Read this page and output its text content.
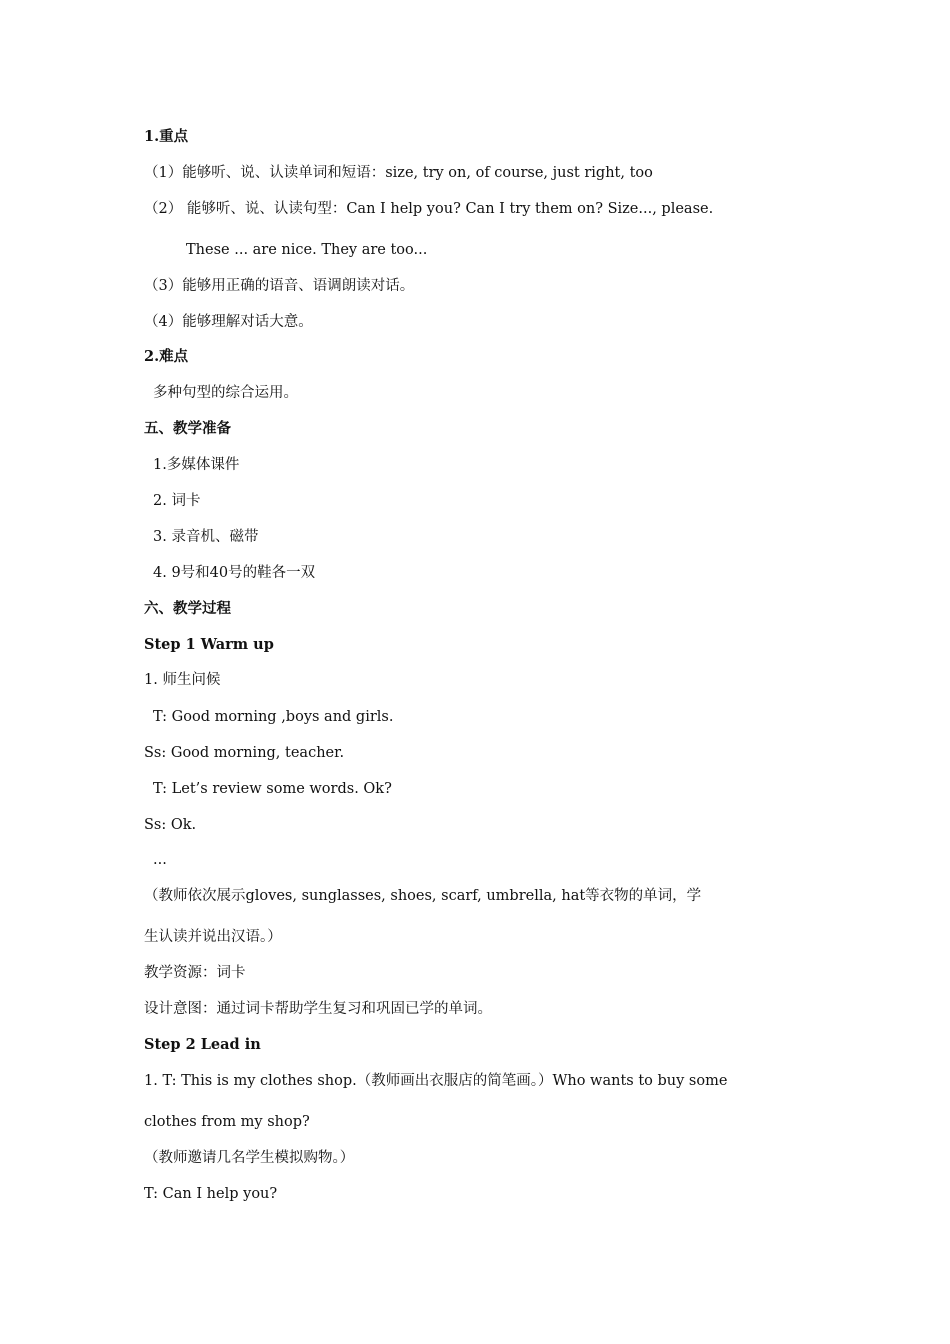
1.重点
（1）能够听、说、认读单词和短语：size, try on, of course, just right, too
（2） 能够听、说、认读句型：Can I help you? Can I try them on? Size..., please.
These ... are nice. They are too...
（3）能够用正确的语音、语调朗读对话。
（4）能够理解对话大意。
2.难点
多种句型的综合运用。
五、教学准备
1.多媒体课件
2. 词卡
3. 录音机、磁带
4. 9号和40号的鞋各一双
六、教学过程
Step 1 Warm up
1. 师生问候
T: Good morning ,boys and girls.
Ss: Good morning, teacher.
T: Let’s review some words. Ok?
Ss: Ok.
...
（教师依次展示gloves, sunglasses, shoes, scarf, umbrella, hat等衣物的单词，学
生认读并说出汉语。）
教学资源：词卡
设计意图：通过词卡帮助学生复习和巩固已学的单词。
Step 2 Lead in
1. T: This is my clothes shop.（教师画出衣服店的简笔画。）Who wants to buy some
clothes from my shop?
（教师邀请几名学生模拟购物。）
T: Can I help you?
